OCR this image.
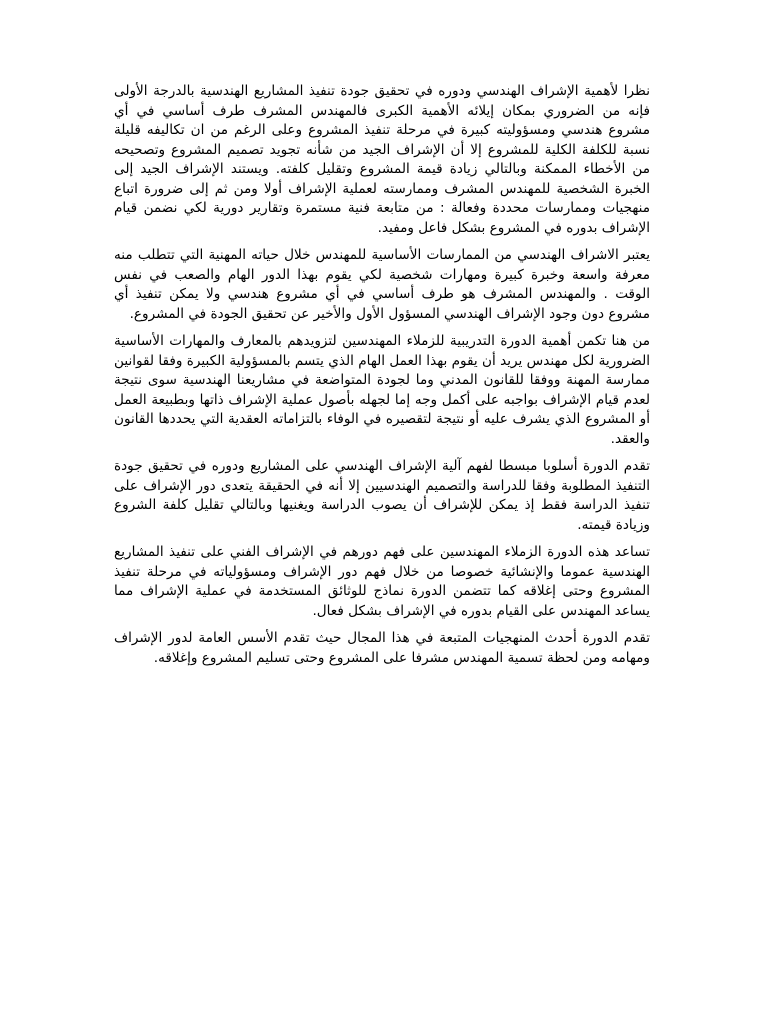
نظرا لأهمية الإشراف الهندسي ودوره في تحقيق جودة تنفيذ المشاريع الهندسية بالدرجة الأولى فإنه من الضروري بمكان إيلائه الأهمية الكبرى فالمهندس المشرف طرف أساسي في أي مشروع هندسي ومسؤوليته كبيرة في مرحلة تنفيذ المشروع وعلى الرغم من ان تكاليفه قليلة نسبة للكلفة الكلية للمشروع إلا أن الإشراف الجيد من شأنه تجويد تصميم المشروع وتصحيحه من الأخطاء الممكنة وبالتالي زيادة قيمة المشروع وتقليل كلفته. ويستند الإشراف الجيد إلى الخبرة الشخصية للمهندس المشرف وممارسته لعملية الإشراف أولا ومن ثم إلى ضرورة اتباع منهجيات وممارسات محددة وفعالة : من متابعة فنية مستمرة وتقارير دورية لكي نضمن قيام الإشراف بدوره في المشروع بشكل فاعل ومفيد.

يعتبر الاشراف الهندسي من الممارسات الأساسية للمهندس خلال حياته المهنية التي تتطلب منه معرفة واسعة وخبرة كبيرة ومهارات شخصية لكي يقوم بهذا الدور الهام والصعب في نفس الوقت . والمهندس المشرف هو طرف أساسي في أي مشروع هندسي ولا يمكن تنفيذ أي مشروع دون وجود الإشراف الهندسي المسؤول الأول والأخير عن تحقيق الجودة في المشروع.

من هنا تكمن أهمية الدورة التدريبية للزملاء المهندسين لتزويدهم بالمعارف والمهارات الأساسية الضرورية لكل مهندس يريد أن يقوم بهذا العمل الهام الذي يتسم بالمسؤولية الكبيرة وفقا لقوانين ممارسة المهنة ووفقا للقانون المدني وما لجودة المتواضعة في مشاريعنا الهندسية سوى نتيجة لعدم قيام الإشراف بواجبه على أكمل وجه إما لجهله بأصول عملية الإشراف ذاتها وبطبيعة العمل أو المشروع الذي يشرف عليه أو نتيجة لتقصيره في الوفاء بالتزاماته العقدية التي يحددها القانون والعقد.

تقدم الدورة أسلوبا مبسطا لفهم آلية الإشراف الهندسي على المشاريع ودوره في تحقيق جودة التنفيذ المطلوبة وفقا للدراسة والتصميم الهندسيين إلا أنه في الحقيقة يتعدى دور الإشراف على تنفيذ الدراسة فقط إذ يمكن للإشراف أن يصوب الدراسة ويغنيها وبالتالي تقليل كلفة الشروع وزيادة قيمته.

تساعد هذه الدورة الزملاء المهندسين على فهم دورهم في الإشراف الفني على تنفيذ المشاريع الهندسية عموما والإنشائية خصوصا من خلال فهم دور الإشراف ومسؤولياته في مرحلة تنفيذ المشروع وحتى إغلاقه كما تتضمن الدورة نماذج للوثائق المستخدمة في عملية الإشراف مما يساعد المهندس على القيام بدوره في الإشراف بشكل فعال.

تقدم الدورة أحدث المنهجيات المتبعة في هذا المجال حيث تقدم الأسس العامة لدور الإشراف ومهامه ومن لحظة تسمية المهندس مشرفا على المشروع وحتى تسليم المشروع وإغلاقه.
